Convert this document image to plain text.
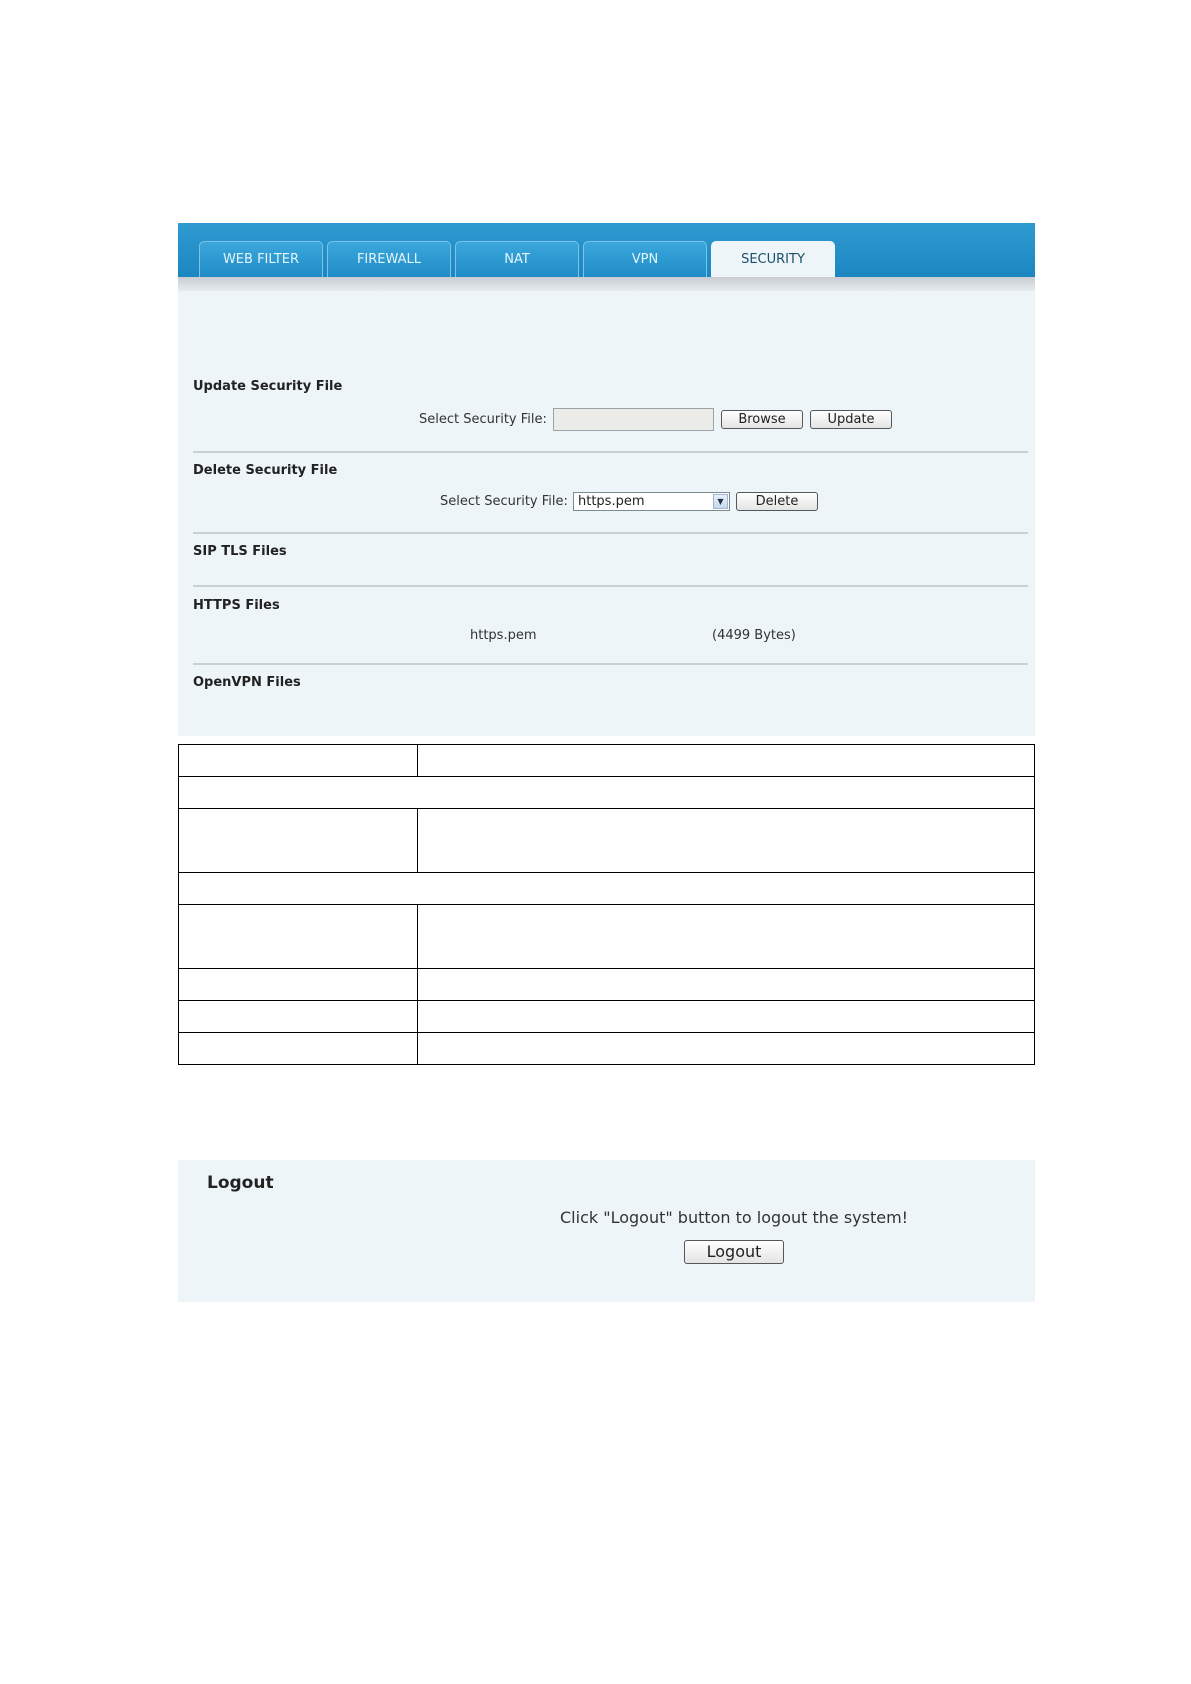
WEB FILTER	FIREWALL	NAT	VPN	SECURITY
Update Security File
Select Security File:	Browse	Update
Delete Security File
Select Security File: https.pem	▼	Delete
SIP TLS Files
HTTPS Files
https.pem	(4499 Bytes)
OpenVPN Files

Logout
Click "Logout" button to logout the system!
Logout
